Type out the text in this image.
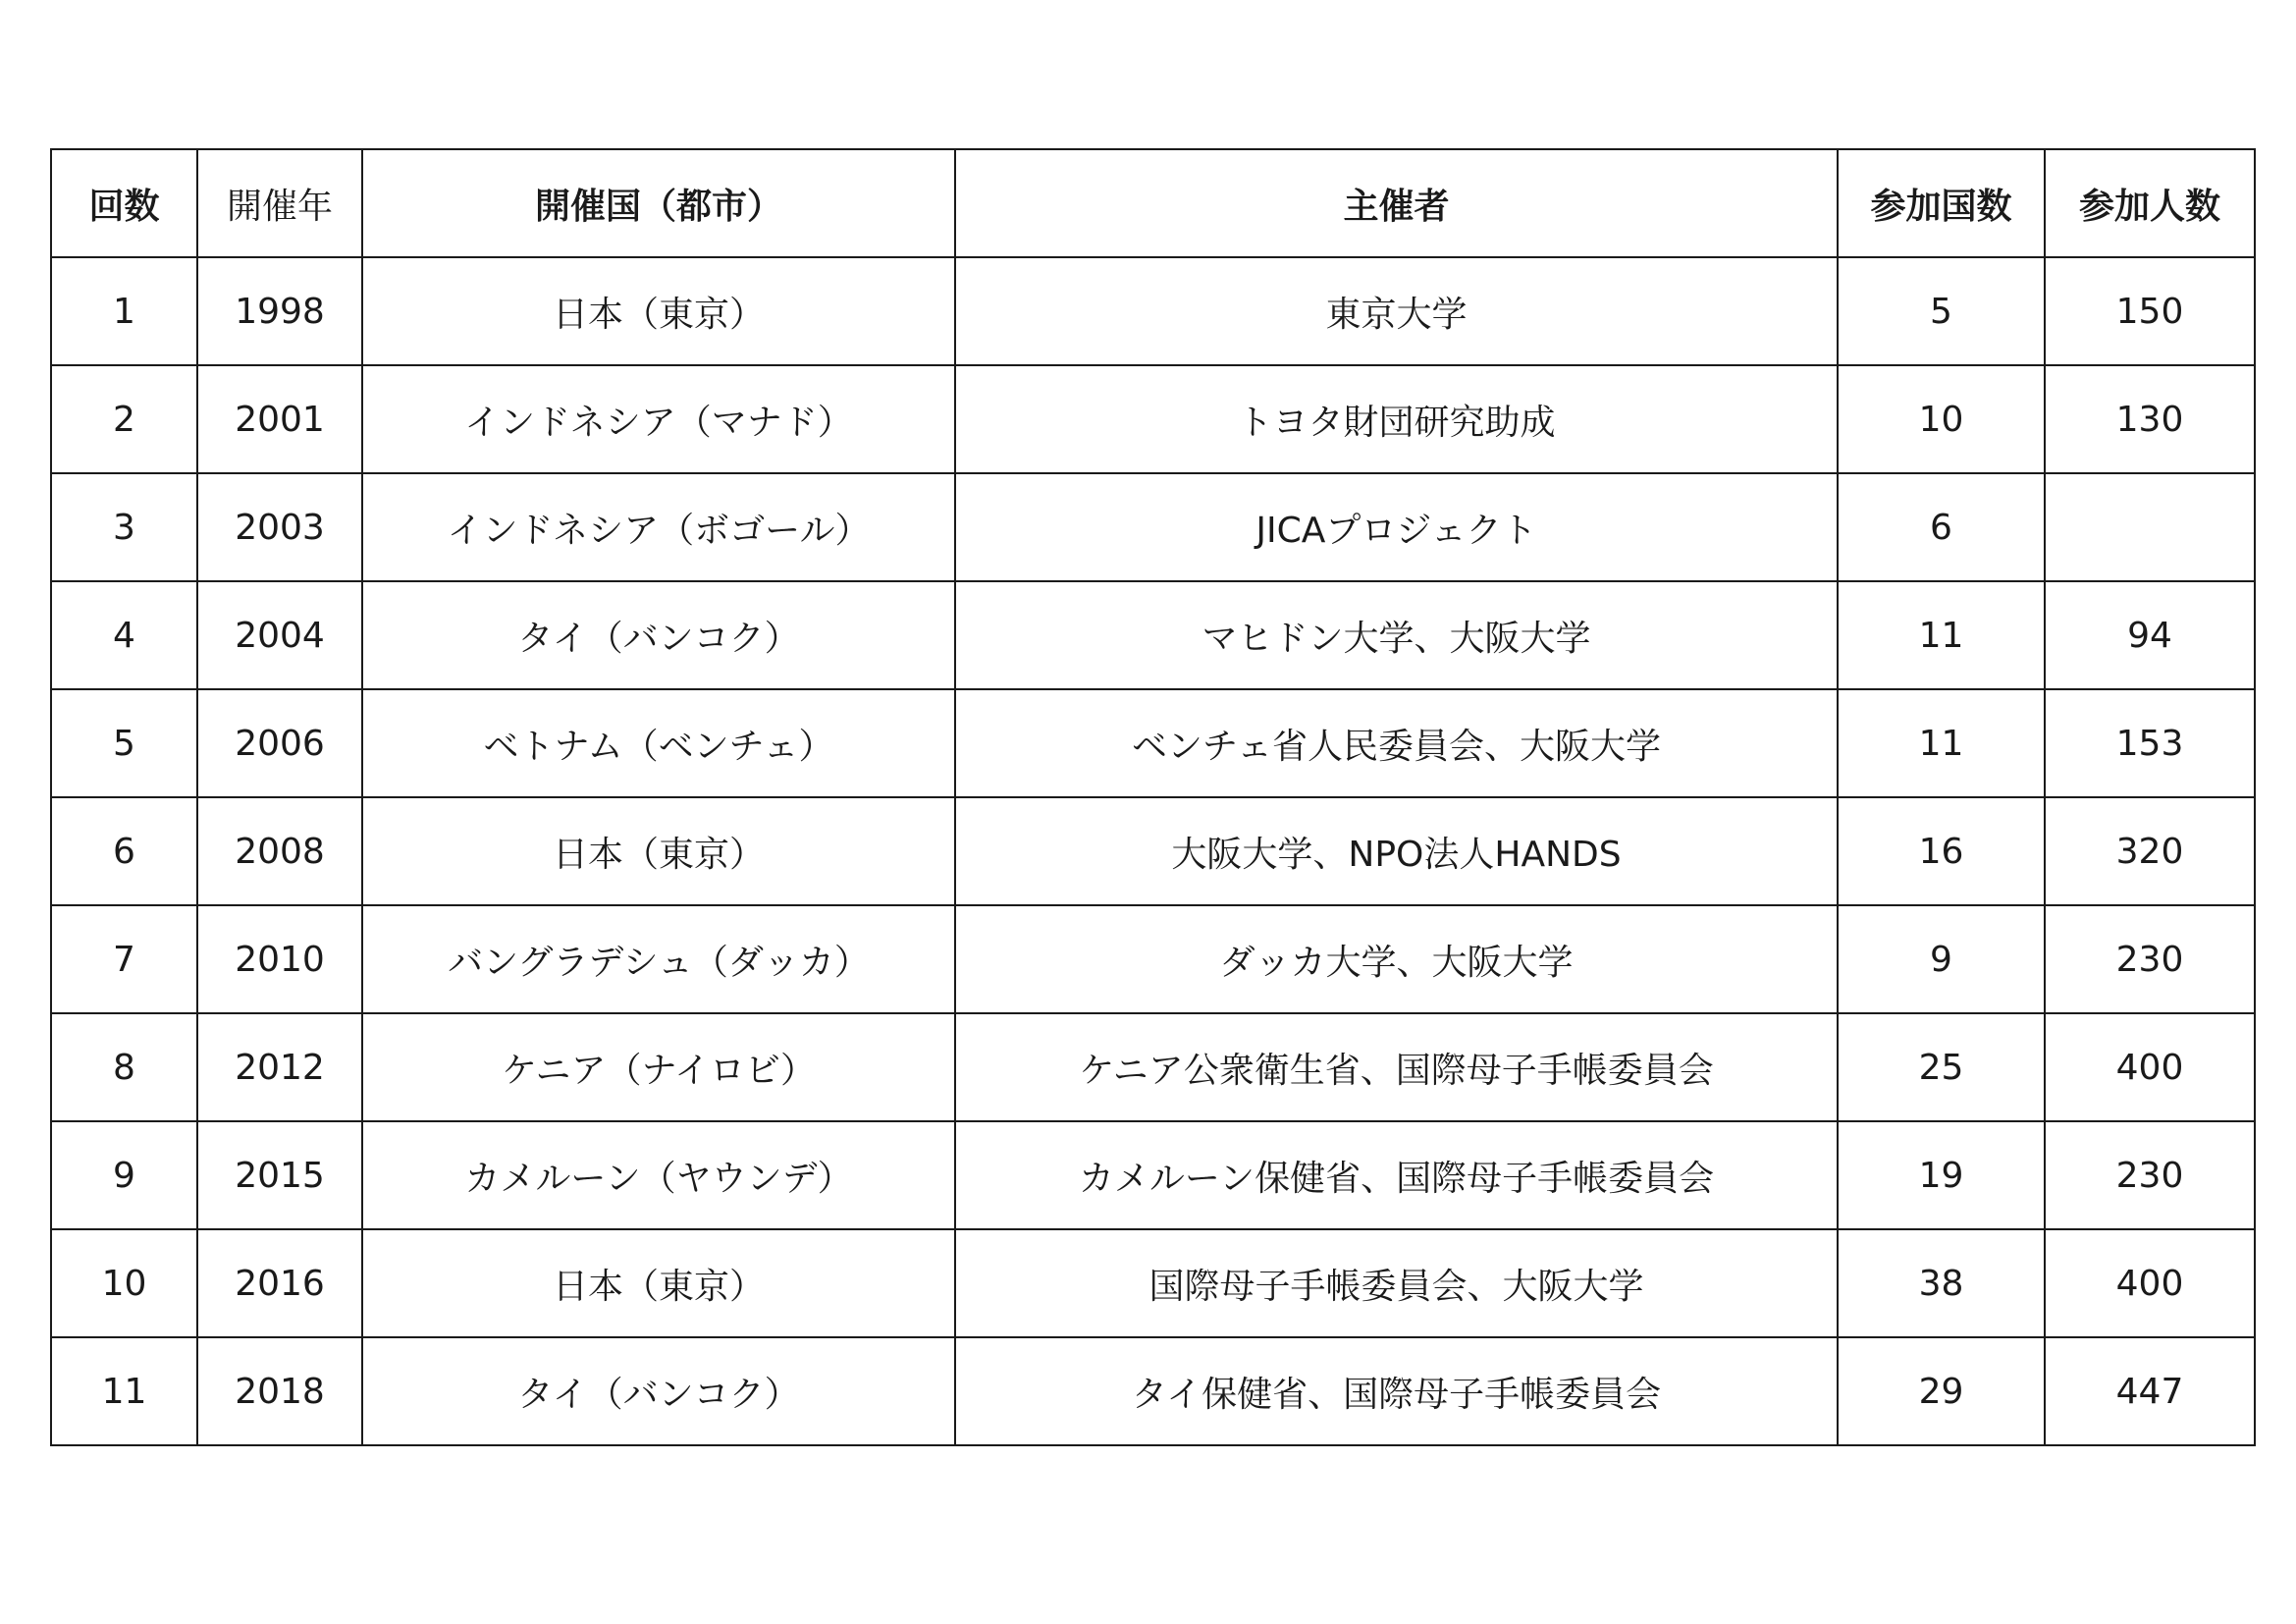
回数	開催年	開催国（都市）	主催者	参加国数	参加人数
1	1998	日本（東京）	東京大学	5	150
2	2001	インドネシア（マナド）	トヨタ財団研究助成	10	130
3	2003	インドネシア（ボゴール）	JICAプロジェクト	6	
4	2004	タイ（バンコク）	マヒドン大学、大阪大学	11	94
5	2006	ベトナム（ベンチェ）	ベンチェ省人民委員会、大阪大学	11	153
6	2008	日本（東京）	大阪大学、NPO法人HANDS	16	320
7	2010	バングラデシュ（ダッカ）	ダッカ大学、大阪大学	9	230
8	2012	ケニア（ナイロビ）	ケニア公衆衛生省、国際母子手帳委員会	25	400
9	2015	カメルーン（ヤウンデ）	カメルーン保健省、国際母子手帳委員会	19	230
10	2016	日本（東京）	国際母子手帳委員会、大阪大学	38	400
11	2018	タイ（バンコク）	タイ保健省、国際母子手帳委員会	29	447
